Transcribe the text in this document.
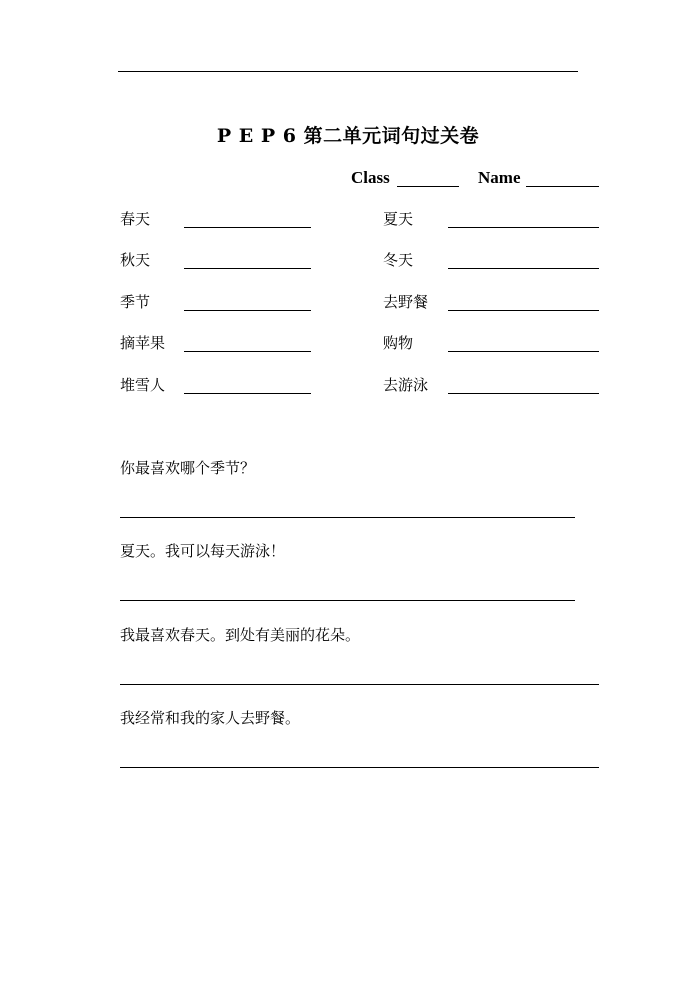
P E P 6 第二单元词句过关卷
Class	Name
春天	夏天
秋天	冬天
季节	去野餐
摘苹果	购物
堆雪人	去游泳
你最喜欢哪个季节？
夏天。我可以每天游泳！
我最喜欢春天。到处有美丽的花朵。
我经常和我的家人去野餐。
